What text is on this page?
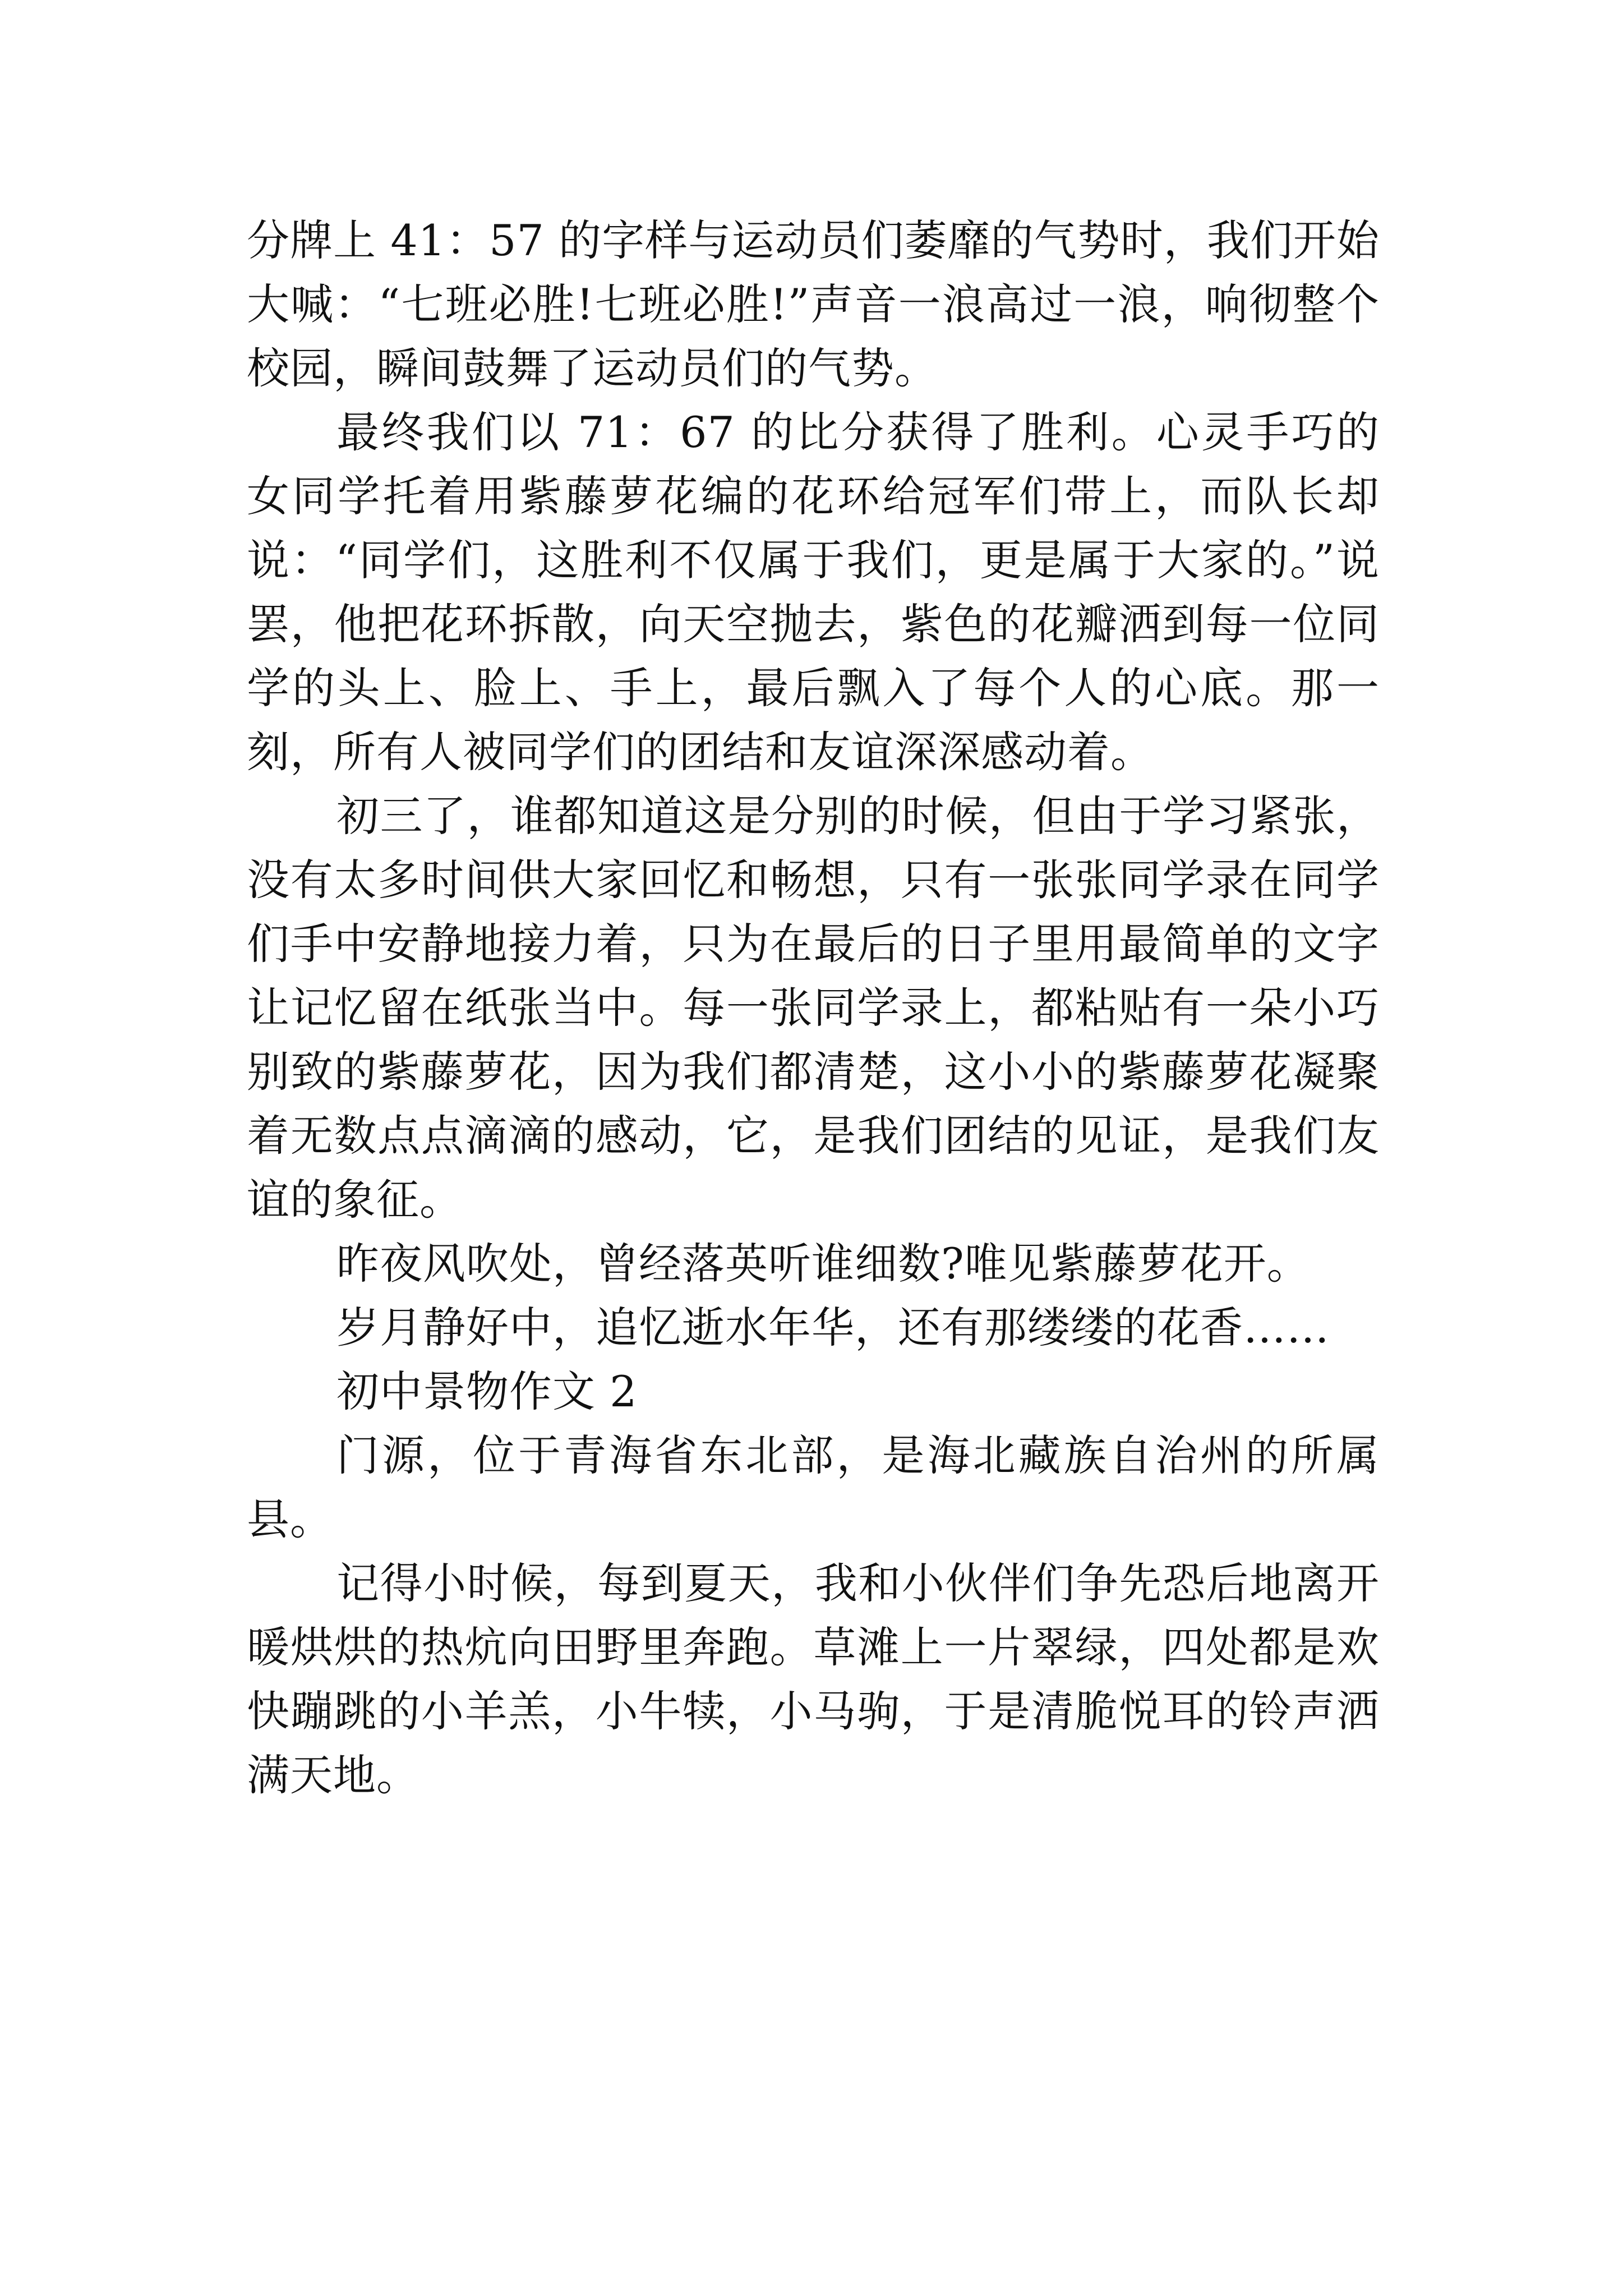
分牌上 41：57 的字样与运动员们萎靡的气势时，我们开始大喊：“七班必胜!七班必胜!”声音一浪高过一浪，响彻整个校园，瞬间鼓舞了运动员们的气势。

最终我们以 71：67 的比分获得了胜利。心灵手巧的女同学托着用紫藤萝花编的花环给冠军们带上，而队长却说：“同学们，这胜利不仅属于我们，更是属于大家的。”说罢，他把花环拆散，向天空抛去，紫色的花瓣洒到每一位同学的头上、脸上、手上，最后飘入了每个人的心底。那一刻，所有人被同学们的团结和友谊深深感动着。

初三了，谁都知道这是分别的时候，但由于学习紧张，没有太多时间供大家回忆和畅想，只有一张张同学录在同学们手中安静地接力着，只为在最后的日子里用最简单的文字让记忆留在纸张当中。每一张同学录上，都粘贴有一朵小巧别致的紫藤萝花，因为我们都清楚，这小小的紫藤萝花凝聚着无数点点滴滴的感动，它，是我们团结的见证，是我们友谊的象征。

昨夜风吹处，曾经落英听谁细数?唯见紫藤萝花开。

岁月静好中，追忆逝水年华，还有那缕缕的花香……

初中景物作文 2

门源，位于青海省东北部，是海北藏族自治州的所属县。

记得小时候，每到夏天，我和小伙伴们争先恐后地离开暖烘烘的热炕向田野里奔跑。草滩上一片翠绿，四处都是欢快蹦跳的小羊羔，小牛犊，小马驹，于是清脆悦耳的铃声洒满天地。
